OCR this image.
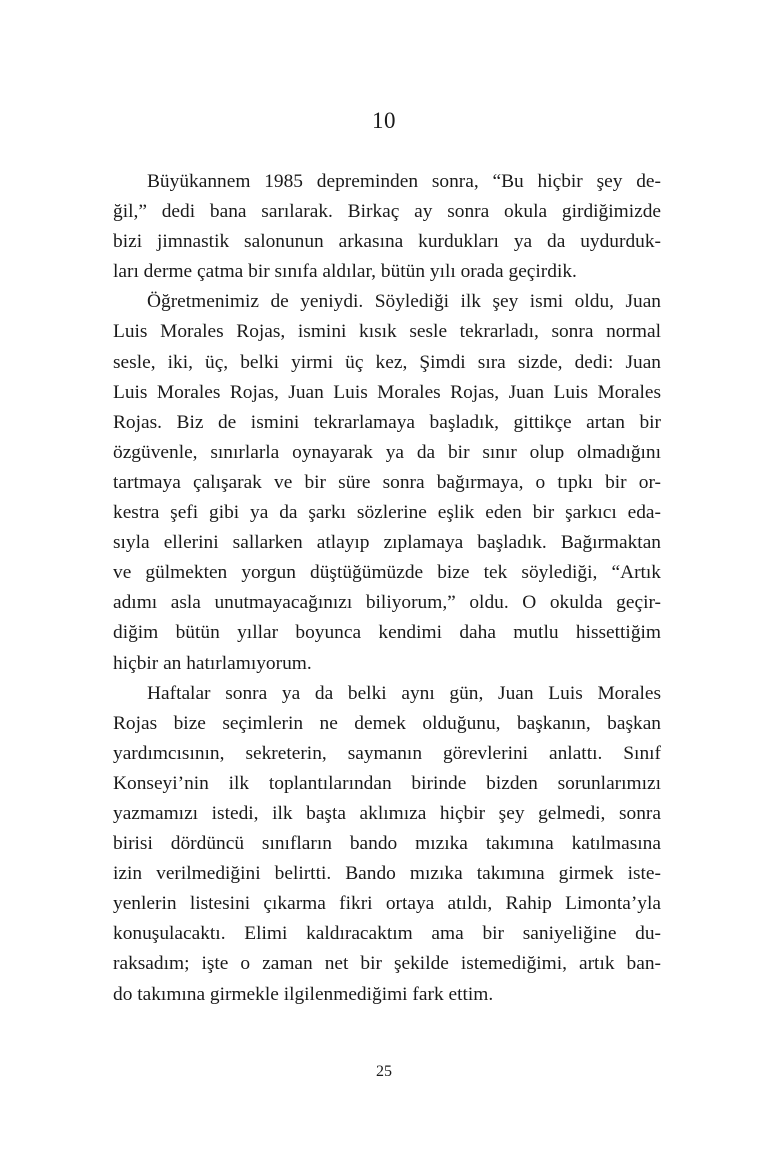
10

Büyükannem 1985 depreminden sonra, “Bu hiçbir şey de-
ğil,” dedi bana sarılarak. Birkaç ay sonra okula girdiğimizde
bizi jimnastik salonunun arkasına kurdukları ya da uydurduk-
ları derme çatma bir sınıfa aldılar, bütün yılı orada geçirdik.

Öğretmenimiz de yeniydi. Söylediği ilk şey ismi oldu, Juan
Luis Morales Rojas, ismini kısık sesle tekrarladı, sonra normal
sesle, iki, üç, belki yirmi üç kez, Şimdi sıra sizde, dedi: Juan
Luis Morales Rojas, Juan Luis Morales Rojas, Juan Luis Morales
Rojas. Biz de ismini tekrarlamaya başladık, gittikçe artan bir
özgüvenle, sınırlarla oynayarak ya da bir sınır olup olmadığını
tartmaya çalışarak ve bir süre sonra bağırmaya, o tıpkı bir or-
kestra şefi gibi ya da şarkı sözlerine eşlik eden bir şarkıcı eda-
sıyla ellerini sallarken atlayıp zıplamaya başladık. Bağırmaktan
ve gülmekten yorgun düştüğümüzde bize tek söylediği, “Artık
adımı asla unutmayacağınızı biliyorum,” oldu. O okulda geçir-
diğim bütün yıllar boyunca kendimi daha mutlu hissettiğim
hiçbir an hatırlamıyorum.

Haftalar sonra ya da belki aynı gün, Juan Luis Morales
Rojas bize seçimlerin ne demek olduğunu, başkanın, başkan
yardımcısının, sekreterin, saymanın görevlerini anlattı. Sınıf
Konseyi’nin ilk toplantılarından birinde bizden sorunlarımızı
yazmamızı istedi, ilk başta aklımıza hiçbir şey gelmedi, sonra
birisi dördüncü sınıfların bando mızıka takımına katılmasına
izin verilmediğini belirtti. Bando mızıka takımına girmek iste-
yenlerin listesini çıkarma fikri ortaya atıldı, Rahip Limonta’yla
konuşulacaktı. Elimi kaldıracaktım ama bir saniyeliğine du-
raksadım; işte o zaman net bir şekilde istemediğimi, artık ban-
do takımına girmekle ilgilenmediğimi fark ettim.

25
